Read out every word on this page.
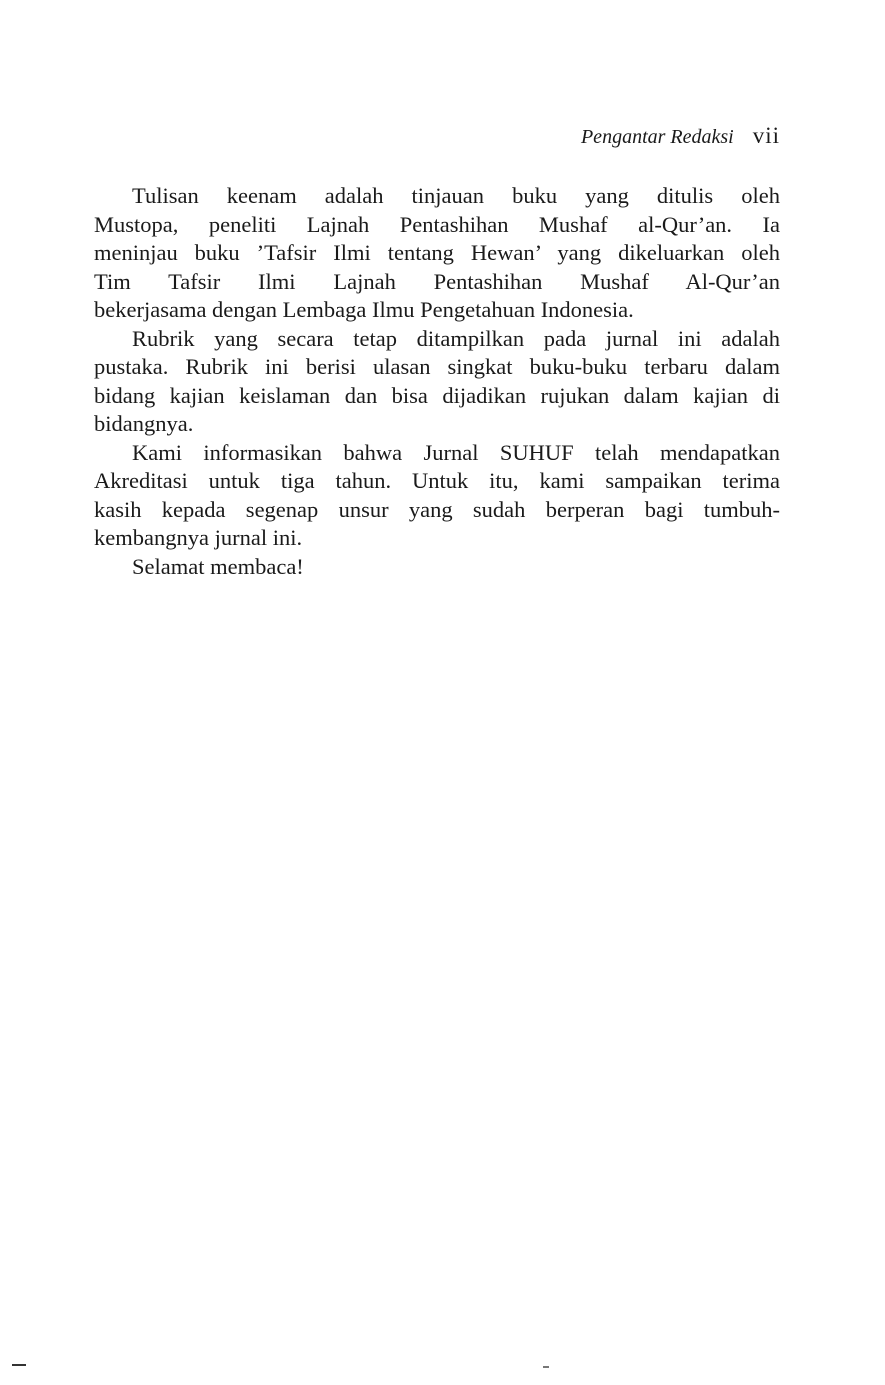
Pengantar Redaksi vii
Tulisan keenam adalah tinjauan buku yang ditulis oleh
Mustopa, peneliti Lajnah Pentashihan Mushaf al-Qur’an. Ia
meninjau buku ’Tafsir Ilmi tentang Hewan’ yang dikeluarkan oleh
Tim Tafsir Ilmi Lajnah Pentashihan Mushaf Al-Qur’an
bekerjasama dengan Lembaga Ilmu Pengetahuan Indonesia.
Rubrik yang secara tetap ditampilkan pada jurnal ini adalah
pustaka. Rubrik ini berisi ulasan singkat buku-buku terbaru dalam
bidang kajian keislaman dan bisa dijadikan rujukan dalam kajian di
bidangnya.
Kami informasikan bahwa Jurnal SUHUF telah mendapatkan
Akreditasi untuk tiga tahun. Untuk itu, kami sampaikan terima
kasih kepada segenap unsur yang sudah berperan bagi tumbuh-
kembangnya jurnal ini.
Selamat membaca!
